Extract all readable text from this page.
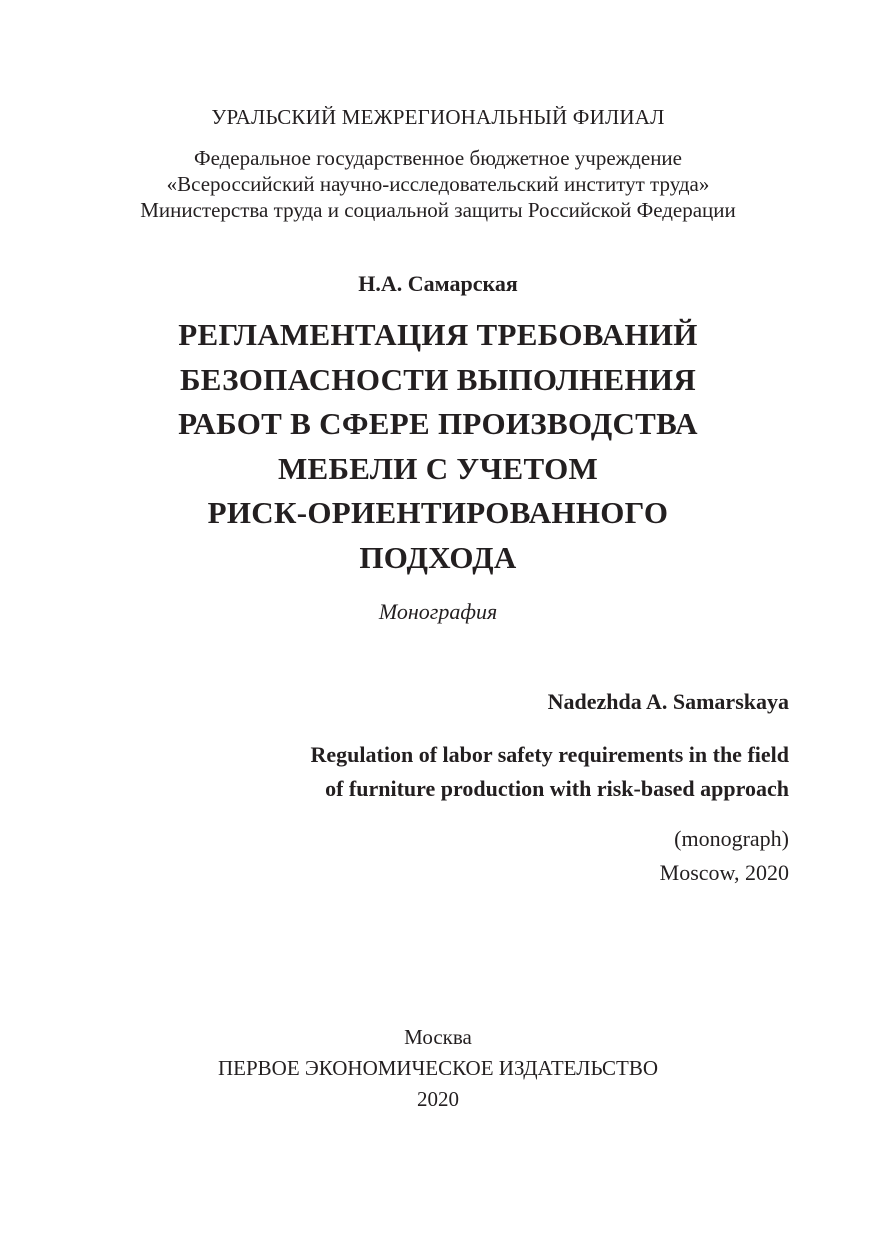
УРАЛЬСКИЙ МЕЖРЕГИОНАЛЬНЫЙ ФИЛИАЛ
Федеральное государственное бюджетное учреждение
«Всероссийский научно-исследовательский институт труда»
Министерства труда и социальной защиты Российской Федерации
Н.А. Самарская
РЕГЛАМЕНТАЦИЯ ТРЕБОВАНИЙ
БЕЗОПАСНОСТИ ВЫПОЛНЕНИЯ
РАБОТ В СФЕРЕ ПРОИЗВОДСТВА
МЕБЕЛИ С УЧЕТОМ
РИСК-ОРИЕНТИРОВАННОГО
ПОДХОДА
Монография
Nadezhda A. Samarskaya
Regulation of labor safety requirements in the field
of furniture production with risk-based approach
(monograph)
Moscow, 2020
Москва
ПЕРВОЕ ЭКОНОМИЧЕСКОЕ ИЗДАТЕЛЬСТВО
2020
